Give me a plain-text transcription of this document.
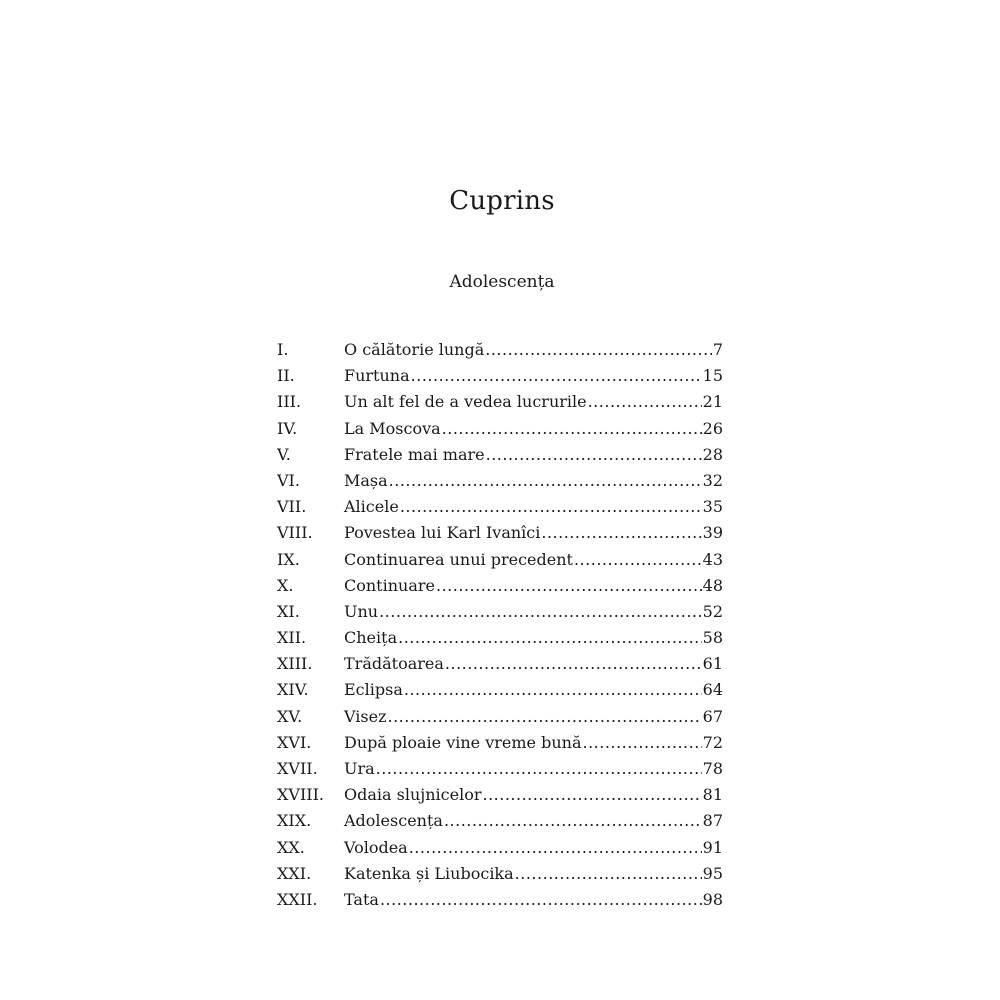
Cuprins
Adolescența
I.	O călătorie lungă .....	7
II.	Furtuna .....	15
III.	Un alt fel de a vedea lucrurile .....	21
IV.	La Moscova .....	26
V.	Fratele mai mare .....	28
VI.	Mașa .....	32
VII.	Alicele .....	35
VIII.	Povestea lui Karl Ivanîci .....	39
IX.	Continuarea unui precedent .....	43
X.	Continuare .....	48
XI.	Unu .....	52
XII.	Cheița .....	58
XIII.	Trădătoarea .....	61
XIV.	Eclipsa .....	64
XV.	Visez .....	67
XVI.	După ploaie vine vreme bună .....	72
XVII.	Ura .....	78
XVIII.	Odaia slujnicelor .....	81
XIX.	Adolescența .....	87
XX.	Volodea .....	91
XXI.	Katenka și Liubocika .....	95
XXII.	Tata .....	98
